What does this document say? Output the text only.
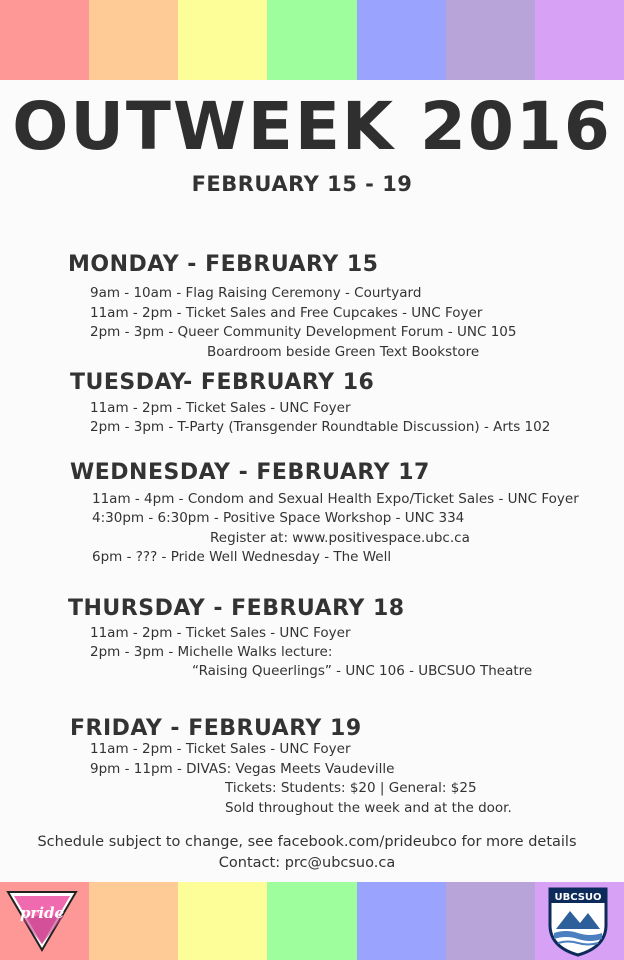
OUTWEEK 2016
FEBRUARY 15 - 19
MONDAY - FEBRUARY 15
9am - 10am - Flag Raising Ceremony - Courtyard
11am - 2pm - Ticket Sales and Free Cupcakes - UNC Foyer
2pm - 3pm - Queer Community Development Forum - UNC 105
Boardroom beside Green Text Bookstore
TUESDAY- FEBRUARY 16
11am - 2pm - Ticket Sales - UNC Foyer
2pm - 3pm - T-Party (Transgender Roundtable Discussion) - Arts 102
WEDNESDAY - FEBRUARY 17
11am - 4pm - Condom and Sexual Health Expo/Ticket Sales - UNC Foyer
4:30pm - 6:30pm - Positive Space Workshop - UNC 334
Register at: www.positivespace.ubc.ca
6pm - ??? - Pride Well Wednesday - The Well
THURSDAY - FEBRUARY 18
11am - 2pm - Ticket Sales - UNC Foyer
2pm - 3pm - Michelle Walks lecture:
“Raising Queerlings” - UNC 106 - UBCSUO Theatre
FRIDAY - FEBRUARY 19
11am - 2pm - Ticket Sales - UNC Foyer
9pm - 11pm - DIVAS: Vegas Meets Vaudeville
Tickets: Students: $20 | General: $25
Sold throughout the week and at the door.
Schedule subject to change, see facebook.com/prideubco for more details
Contact: prc@ubcsuo.ca
pride
UBCSUO
